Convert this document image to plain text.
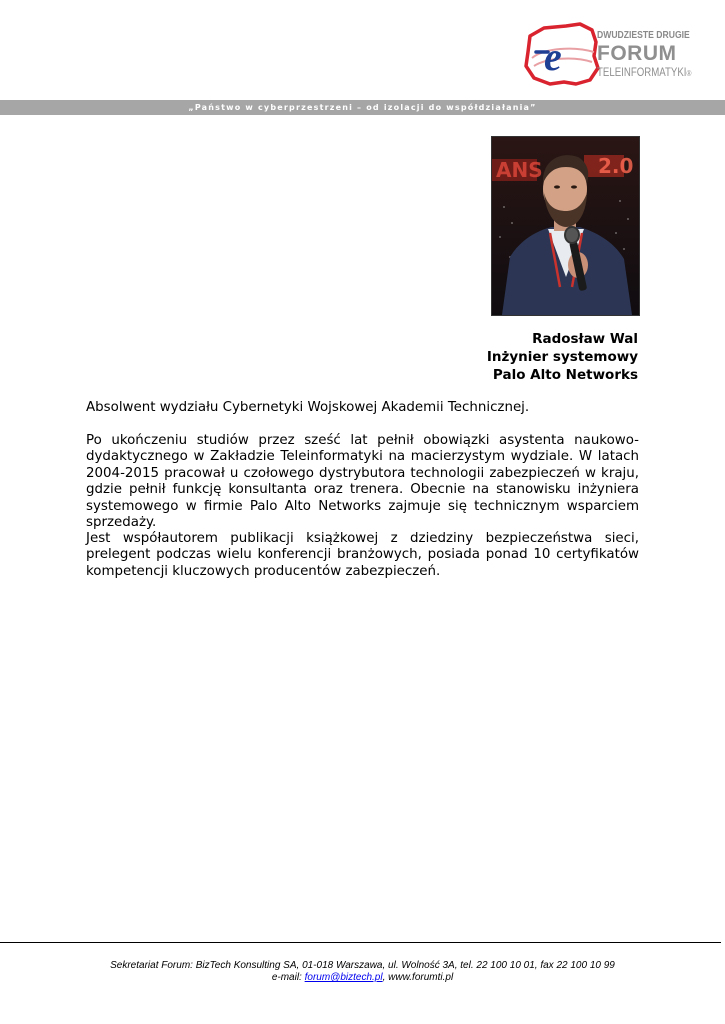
e	DWUDZIESTE DRUGIE
FORUM
TELEINFORMATYKI®
„Państwo w cyberprzestrzeni – od izolacji do współdziałania”
ANS	2.0
Radosław Wal
Inżynier systemowy
Palo Alto Networks
Absolwent wydziału Cybernetyki Wojskowej Akademii Technicznej.
Po ukończeniu studiów przez sześć lat pełnił obowiązki asystenta naukowo-dydaktycznego w Zakładzie Teleinformatyki na macierzystym wydziale. W latach 2004-2015 pracował u czołowego dystrybutora technologii zabezpieczeń w kraju, gdzie pełnił funkcję konsultanta oraz trenera. Obecnie na stanowisku inżyniera systemowego w firmie Palo Alto Networks zajmuje się technicznym wsparciem sprzedaży.
Jest współautorem publikacji książkowej z dziedziny bezpieczeństwa sieci, prelegent podczas wielu konferencji branżowych, posiada ponad 10 certyfikatów kompetencji kluczowych producentów zabezpieczeń.
Sekretariat Forum: BizTech Konsulting SA, 01-018 Warszawa, ul. Wolność 3A, tel. 22 100 10 01, fax 22 100 10 99
e-mail: forum@biztech.pl, www.forumti.pl
